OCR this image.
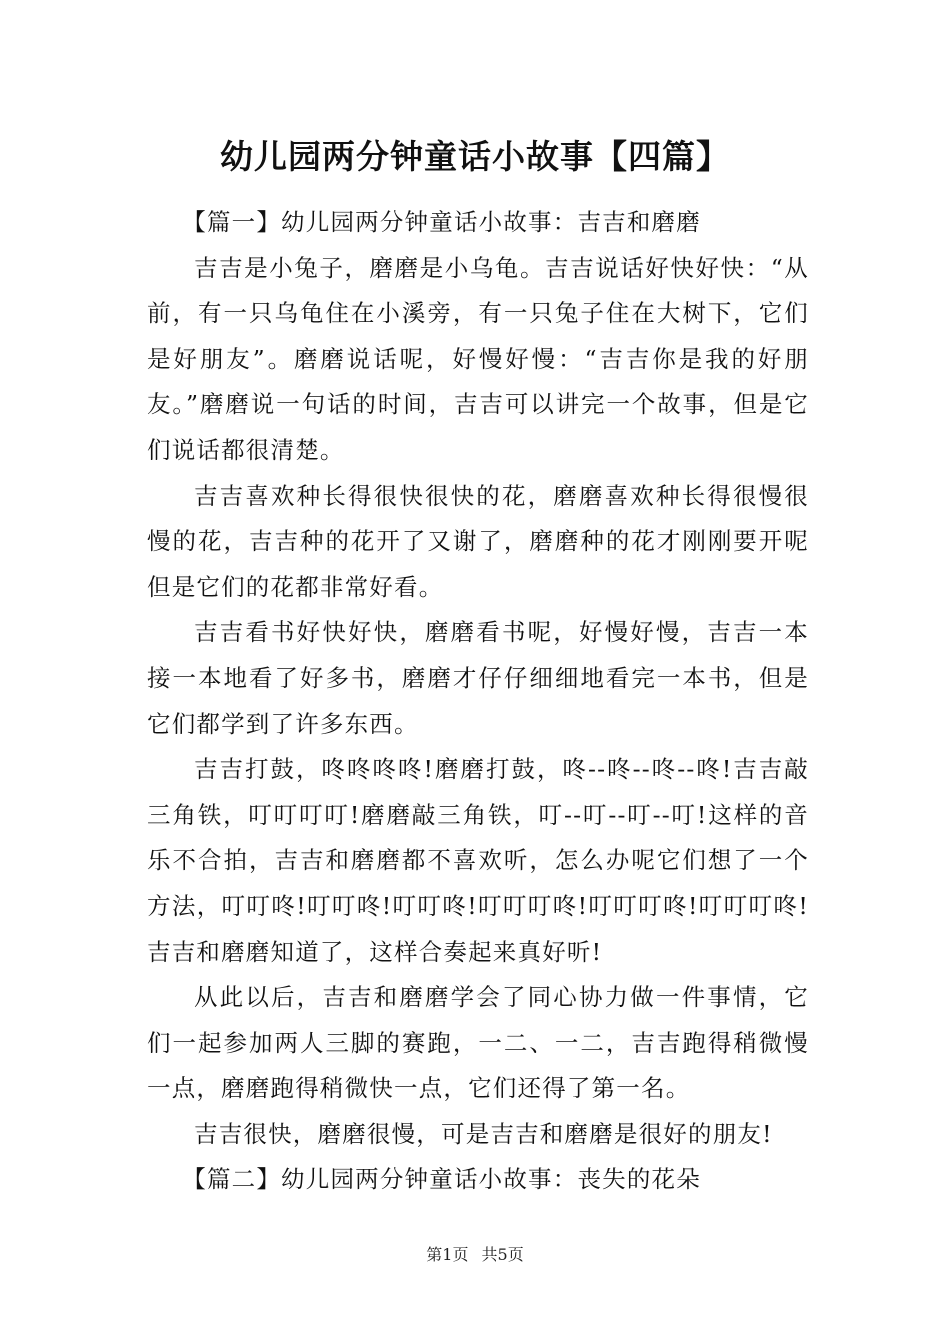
幼儿园两分钟童话小故事【四篇】

【篇一】幼儿园两分钟童话小故事：吉吉和磨磨

吉吉是小兔子，磨磨是小乌龟。吉吉说话好快好快：“从前，有一只乌龟住在小溪旁，有一只兔子住在大树下，它们是好朋友”。磨磨说话呢，好慢好慢：“吉吉你是我的好朋友。”磨磨说一句话的时间，吉吉可以讲完一个故事，但是它们说话都很清楚。

吉吉喜欢种长得很快很快的花，磨磨喜欢种长得很慢很慢的花，吉吉种的花开了又谢了，磨磨种的花才刚刚要开呢但是它们的花都非常好看。

吉吉看书好快好快，磨磨看书呢，好慢好慢，吉吉一本接一本地看了好多书，磨磨才仔仔细细地看完一本书，但是它们都学到了许多东西。

吉吉打鼓，咚咚咚咚!磨磨打鼓，咚--咚--咚--咚!吉吉敲三角铁，叮叮叮叮!磨磨敲三角铁，叮--叮--叮--叮!这样的音乐不合拍，吉吉和磨磨都不喜欢听，怎么办呢它们想了一个方法，叮叮咚!叮叮咚!叮叮咚!叮叮叮咚!叮叮叮咚!叮叮叮咚!吉吉和磨磨知道了，这样合奏起来真好听!

从此以后，吉吉和磨磨学会了同心协力做一件事情，它们一起参加两人三脚的赛跑，一二、一二，吉吉跑得稍微慢一点，磨磨跑得稍微快一点，它们还得了第一名。

吉吉很快，磨磨很慢，可是吉吉和磨磨是很好的朋友!

【篇二】幼儿园两分钟童话小故事：丧失的花朵

第1页 共5页
